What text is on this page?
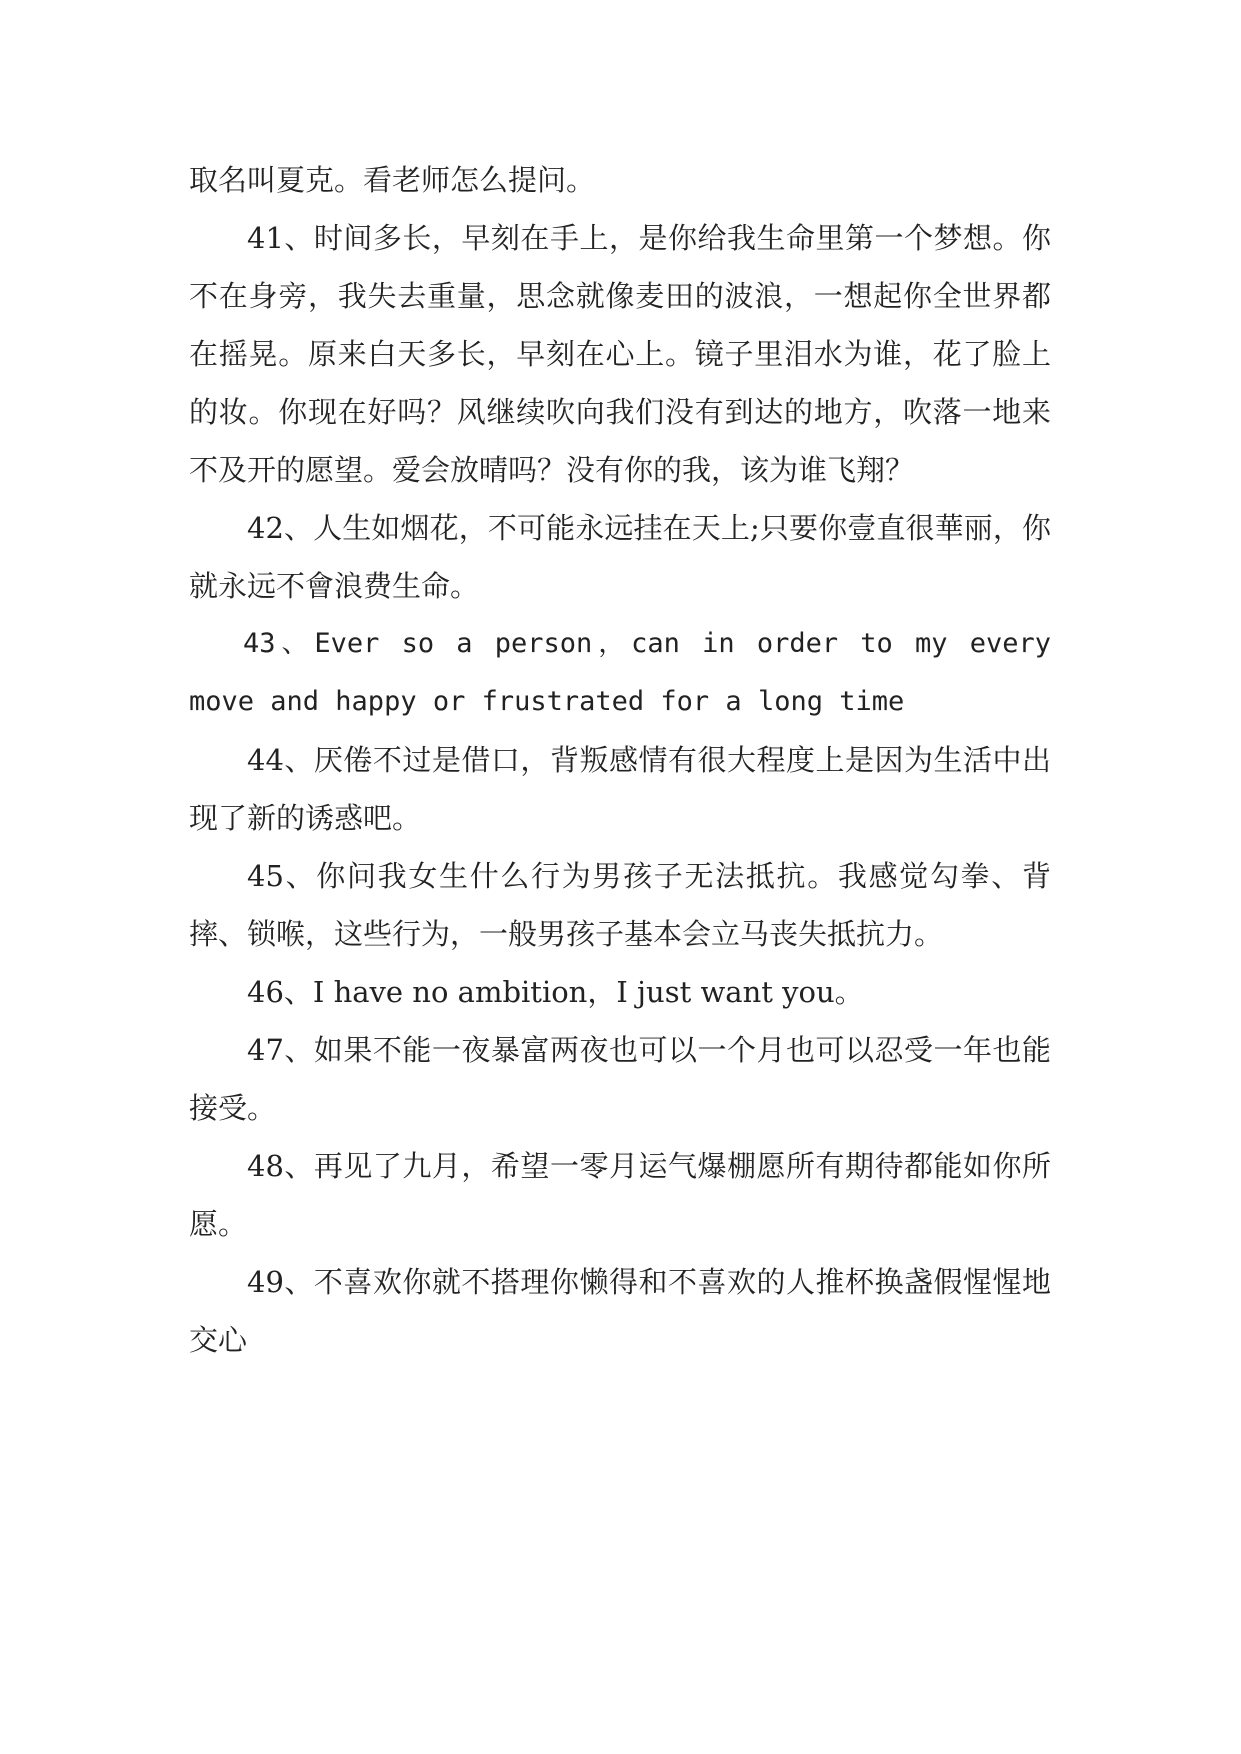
取名叫夏克。看老师怎么提问。

41、时间多长，早刻在手上，是你给我生命里第一个梦想。你不在身旁，我失去重量，思念就像麦田的波浪，一想起你全世界都在摇晃。原来白天多长，早刻在心上。镜子里泪水为谁，花了脸上的妆。你现在好吗？风继续吹向我们没有到达的地方，吹落一地来不及开的愿望。爱会放晴吗？没有你的我，该为谁飞翔？

42、人生如烟花，不可能永远挂在天上;只要你壹直很華丽，你就永远不會浪费生命。

43、Ever so a person，can in order to my every move and happy or frustrated for a long time

44、厌倦不过是借口，背叛感情有很大程度上是因为生活中出现了新的诱惑吧。

45、你问我女生什么行为男孩子无法抵抗。我感觉勾拳、背摔、锁喉，这些行为，一般男孩子基本会立马丧失抵抗力。

46、I have no ambition，I just want you。

47、如果不能一夜暴富两夜也可以一个月也可以忍受一年也能接受。

48、再见了九月，希望一零月运气爆棚愿所有期待都能如你所愿。

49、不喜欢你就不搭理你懒得和不喜欢的人推杯换盏假惺惺地交心
